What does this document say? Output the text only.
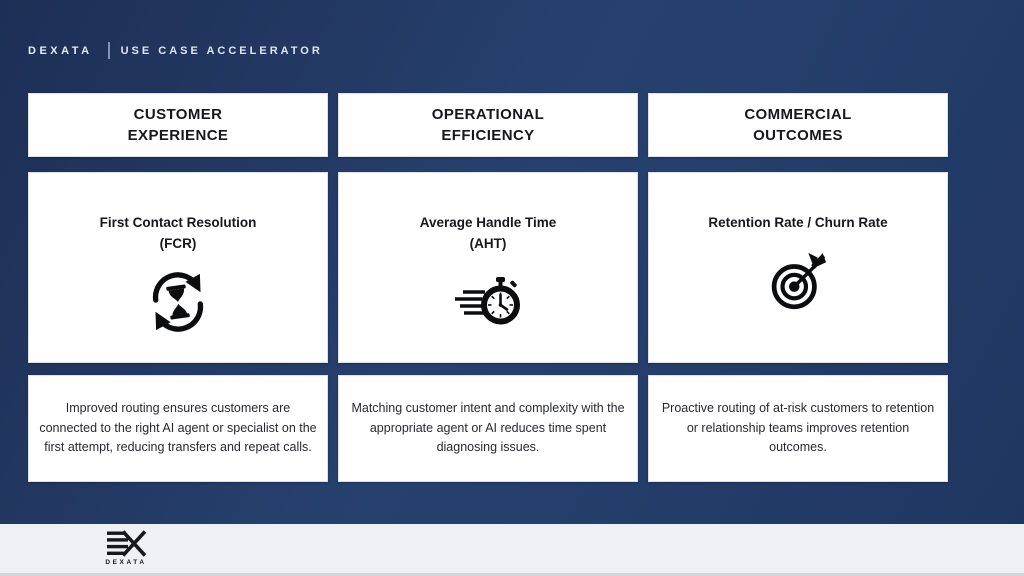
DEXATA	USE CASE ACCELERATOR
CUSTOMER
EXPERIENCE
OPERATIONAL
EFFICIENCY
COMMERCIAL
OUTCOMES
First Contact Resolution
(FCR)
Average Handle Time
(AHT)
Retention Rate / Churn Rate
Improved routing ensures customers are connected to the right AI agent or specialist on the first attempt, reducing transfers and repeat calls.
Matching customer intent and complexity with the appropriate agent or AI reduces time spent diagnosing issues.
Proactive routing of at-risk customers to retention or relationship teams improves retention outcomes.
DEXATA
